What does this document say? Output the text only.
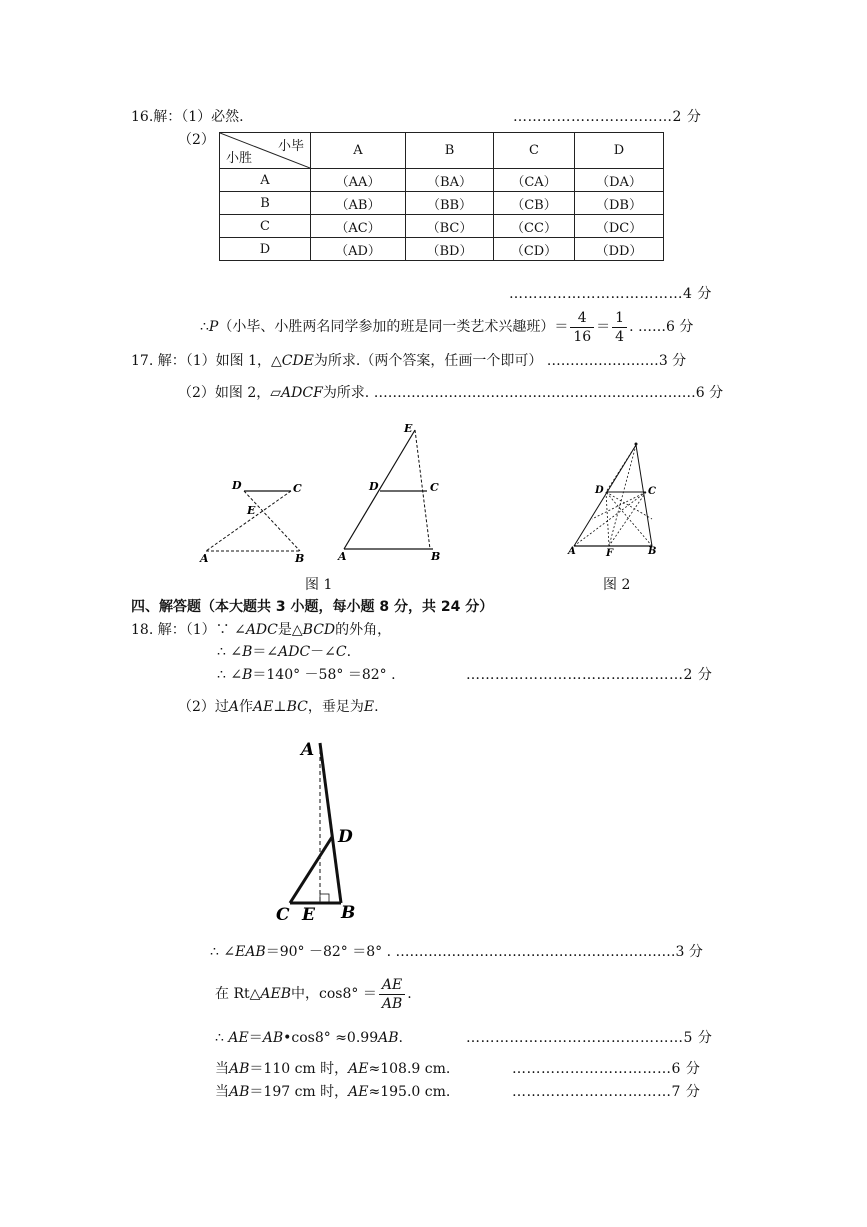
16.解：（1）必然.	……………………………2 分
（2）	小毕
小胜	A	B	C	D
A	（AA）	（BA）	（CA）	（DA）
B	（AB）	（BB）	（CB）	（DB）
C	（AC）	（BC）	（CC）	（DC）
D	（AD）	（BD）	（CD）	（DD）
………………………………4 分
∴P（小毕、小胜两名同学参加的班是同一类艺术兴趣班）＝ $\frac{4}{16} = \frac{1}{4}$ . ……6 分
17. 解：（1）如图 1，△CDE为所求.（两个答案，任画一个即可） ……………………3 分
（2）如图 2，▱ADCF为所求. ……………………………………………………………6 分
D	C
E
A	B
E
D	C
A	B
D	C
A	F	B
图 1	图 2
四、解答题（本大题共 3 小题，每小题 8 分，共 24 分）
18. 解：（1）∵ ∠ADC是△BCD的外角，
∴ ∠B＝∠ADC－∠C.
∴ ∠B＝140° －58° ＝82° .	………………………………………2 分
（2）过A作AE⊥BC，垂足为E.
A
D
C E B
∴ ∠EAB＝90° －82° ＝8° . ……………………………………………………3 分
在 Rt△AEB中，$\cos 8^\circ = \frac{AE}{AB}$ .
∴ AE＝AB•cos8° ≈0.99AB.	………………………………………5 分
当AB＝110 cm 时，AE≈108.9 cm.	……………………………6 分
当AB＝197 cm 时，AE≈195.0 cm.	……………………………7 分
